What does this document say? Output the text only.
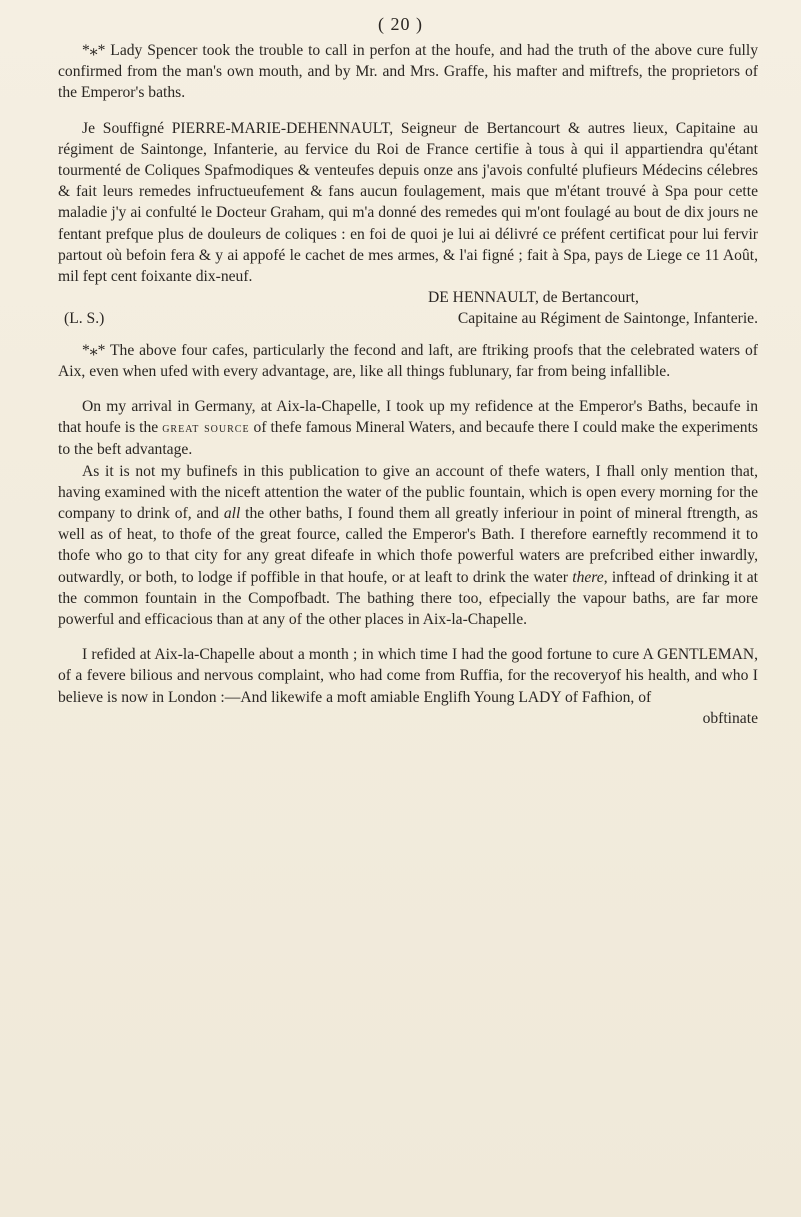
( 20 )

*⁎* Lady Spencer took the trouble to call in perfon at the houfe, and had the truth of the above cure fully confirmed from the man's own mouth, and by Mr. and Mrs. Graffe, his mafter and miftrefs, the proprietors of the Emperor's baths.

Je Souffigné PIERRE-MARIE-DEHENNAULT, Seigneur de Bertancourt & autres lieux, Capitaine au régiment de Saintonge, Infanterie, au fervice du Roi de France certifie à tous à qui il appartiendra qu'étant tourmenté de Coliques Spafmodiques & venteufes depuis onze ans j'avois confulté plufieurs Médecins célebres & fait leurs remedes infructueufement & fans aucun foulagement, mais que m'étant trouvé à Spa pour cette maladie j'y ai confulté le Docteur Graham, qui m'a donné des remedes qui m'ont foulagé au bout de dix jours ne fentant prefque plus de douleurs de coliques : en foi de quoi je lui ai délivré ce préfent certificat pour lui fervir partout où befoin fera & y ai appofé le cachet de mes armes, & l'ai figné ; fait à Spa, pays de Liege ce 11 Août, mil fept cent foixante dix-neuf.

DE HENNAULT, de Bertancourt,
(L. S.)	Capitaine au Régiment de Saintonge, Infanterie.

*⁎* The above four cafes, particularly the fecond and laft, are ftriking proofs that the celebrated waters of Aix, even when ufed with every advantage, are, like all things fublunary, far from being infallible.

On my arrival in Germany, at Aix-la-Chapelle, I took up my refidence at the Emperor's Baths, becaufe in that houfe is the great source of thefe famous Mineral Waters, and becaufe there I could make the experiments to the beft advantage.

As it is not my bufinefs in this publication to give an account of thefe waters, I fhall only mention that, having examined with the niceft attention the water of the public fountain, which is open every morning for the company to drink of, and all the other baths, I found them all greatly inferiour in point of mineral ftrength, as well as of heat, to thofe of the great fource, called the Emperor's Bath. I therefore earneftly recommend it to thofe who go to that city for any great difeafe in which thofe powerful waters are prefcribed either inwardly, outwardly, or both, to lodge if poffible in that houfe, or at leaft to drink the water there, inftead of drinking it at the common fountain in the Compofbadt. The bathing there too, efpecially the vapour baths, are far more powerful and efficacious than at any of the other places in Aix-la-Chapelle.

I refided at Aix-la-Chapelle about a month ; in which time I had the good fortune to cure A GENTLEMAN, of a fevere bilious and nervous complaint, who had come from Ruffia, for the recoveryof his health, and who I believe is now in London :—And likewife a moft amiable Englifh Young LADY of Fafhion, of

obftinate
